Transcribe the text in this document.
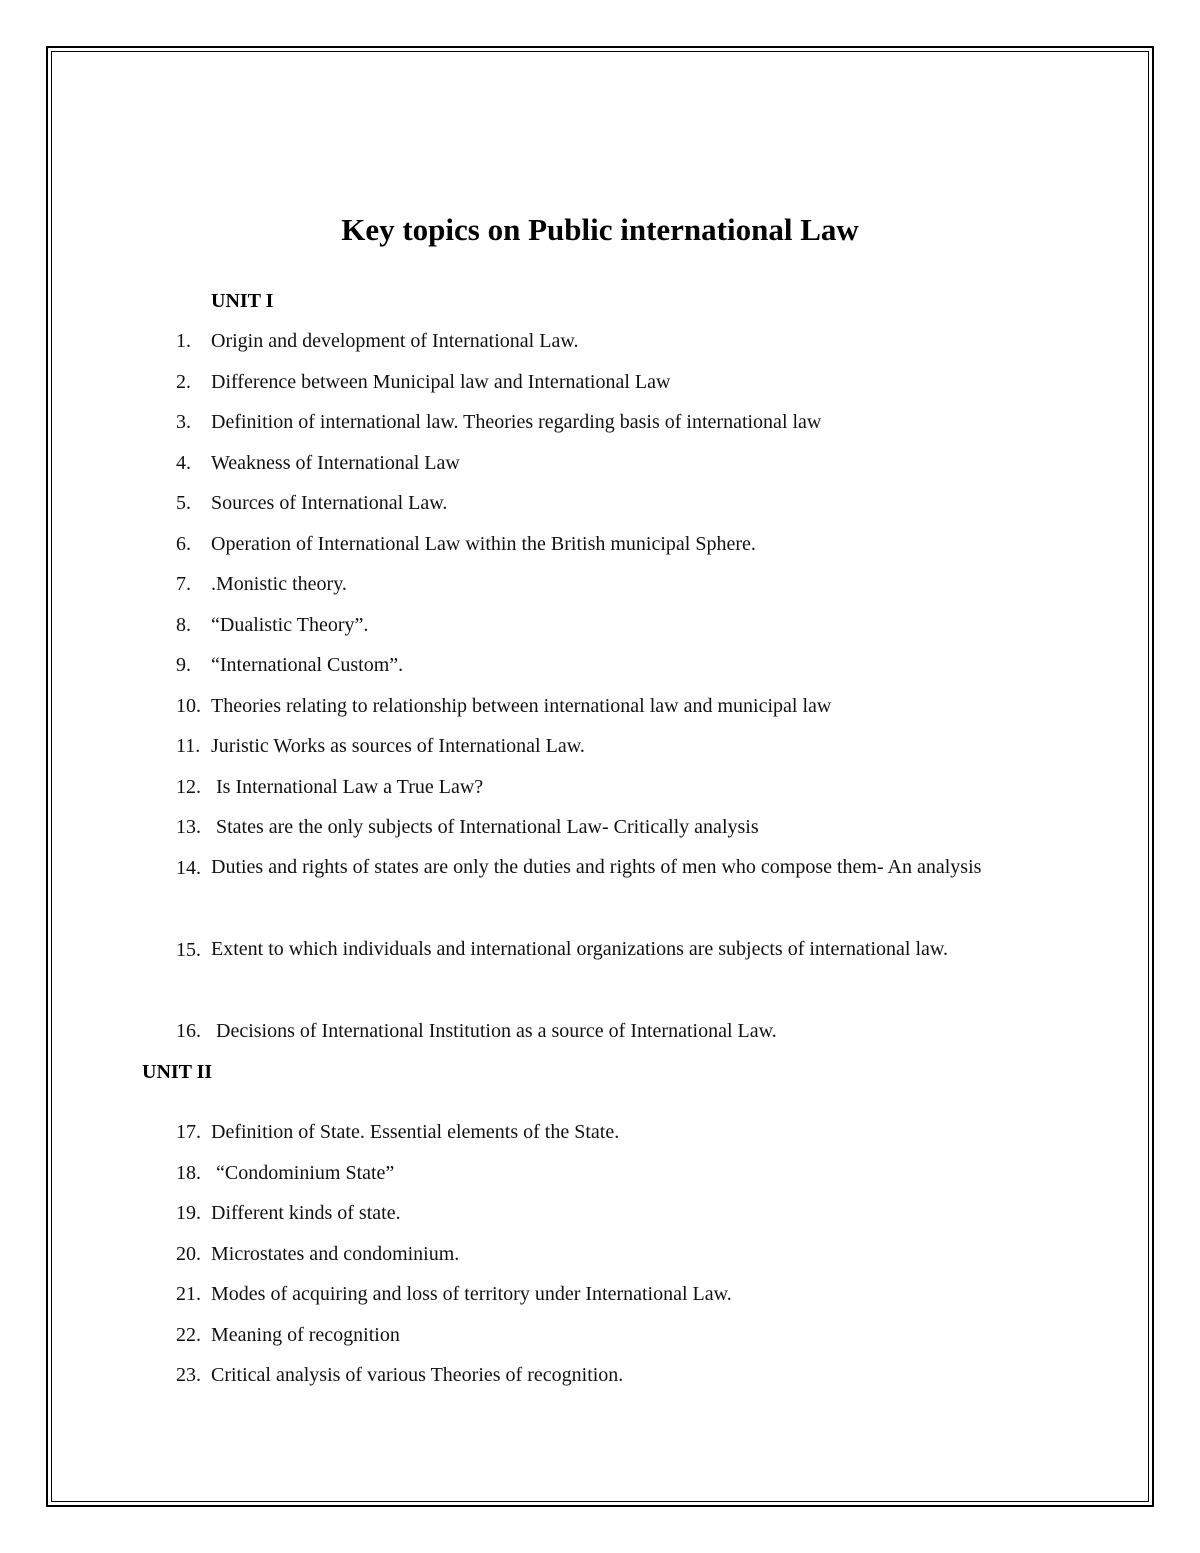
Key topics on Public international Law
UNIT I
1. Origin and development of International Law.
2. Difference between Municipal law and International Law
3. Definition of international law. Theories regarding basis of international law
4. Weakness of International Law
5. Sources of International Law.
6. Operation of International Law within the British municipal Sphere.
7. .Monistic theory.
8. “Dualistic Theory”.
9. “International Custom”.
10. Theories relating to relationship between international law and municipal law
11. Juristic Works as sources of International Law.
12. Is International Law a True Law?
13. States are the only subjects of International Law- Critically analysis
14. Duties and rights of states are only the duties and rights of men who compose them- An analysis
15. Extent to which individuals and international organizations are subjects of international law.
16. Decisions of International Institution as a source of International Law.
UNIT II
17. Definition of State. Essential elements of the State.
18. “Condominium State”
19. Different kinds of state.
20. Microstates and condominium.
21. Modes of acquiring and loss of territory under International Law.
22. Meaning of recognition
23. Critical analysis of various Theories of recognition.
